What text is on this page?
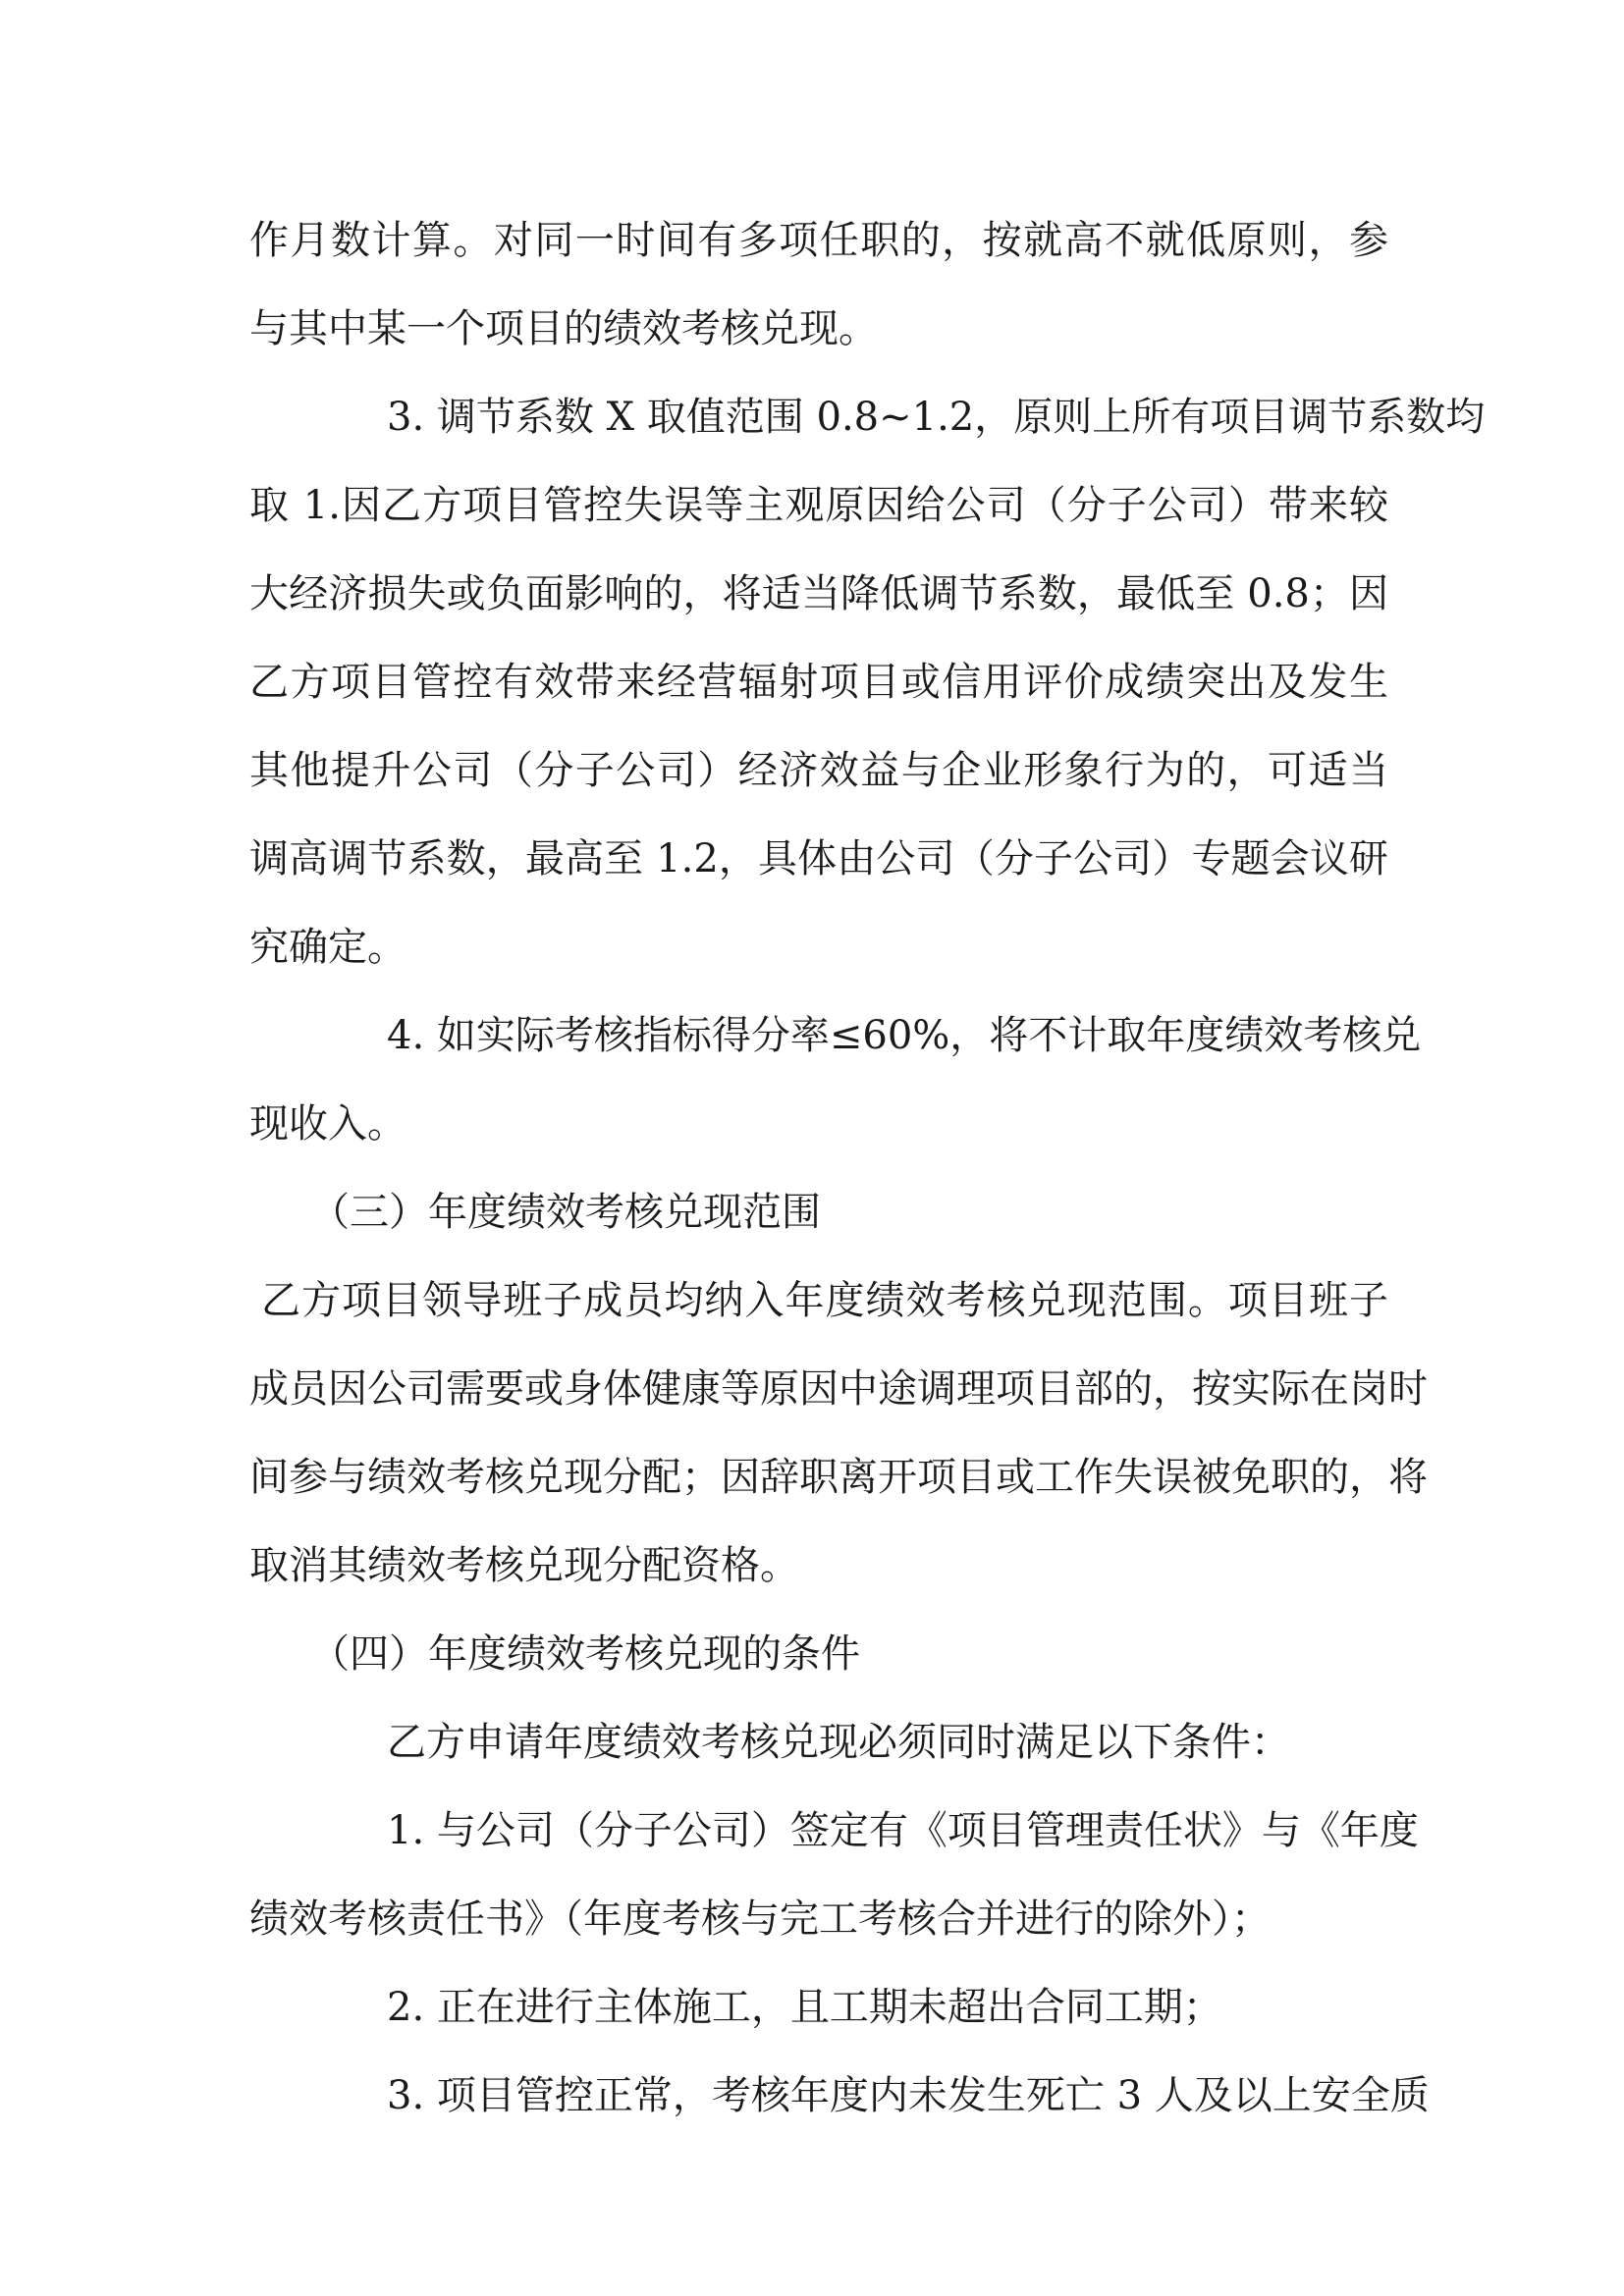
作月数计算。对同一时间有多项任职的，按就高不就低原则，参
与其中某一个项目的绩效考核兑现。
3. 调节系数 X 取值范围 0.8~1.2，原则上所有项目调节系数均
取 1.因乙方项目管控失误等主观原因给公司（分子公司）带来较
大经济损失或负面影响的，将适当降低调节系数，最低至 0.8；因
乙方项目管控有效带来经营辐射项目或信用评价成绩突出及发生
其他提升公司（分子公司）经济效益与企业形象行为的，可适当
调高调节系数，最高至 1.2，具体由公司（分子公司）专题会议研
究确定。
4. 如实际考核指标得分率≤60%，将不计取年度绩效考核兑
现收入。
（三）年度绩效考核兑现范围
乙方项目领导班子成员均纳入年度绩效考核兑现范围。项目班子
成员因公司需要或身体健康等原因中途调理项目部的，按实际在岗时
间参与绩效考核兑现分配；因辞职离开项目或工作失误被免职的，将
取消其绩效考核兑现分配资格。
（四）年度绩效考核兑现的条件
乙方申请年度绩效考核兑现必须同时满足以下条件：
1. 与公司（分子公司）签定有《项目管理责任状》与《年度
绩效考核责任书》（年度考核与完工考核合并进行的除外）；
2. 正在进行主体施工，且工期未超出合同工期；
3. 项目管控正常，考核年度内未发生死亡 3 人及以上安全质
